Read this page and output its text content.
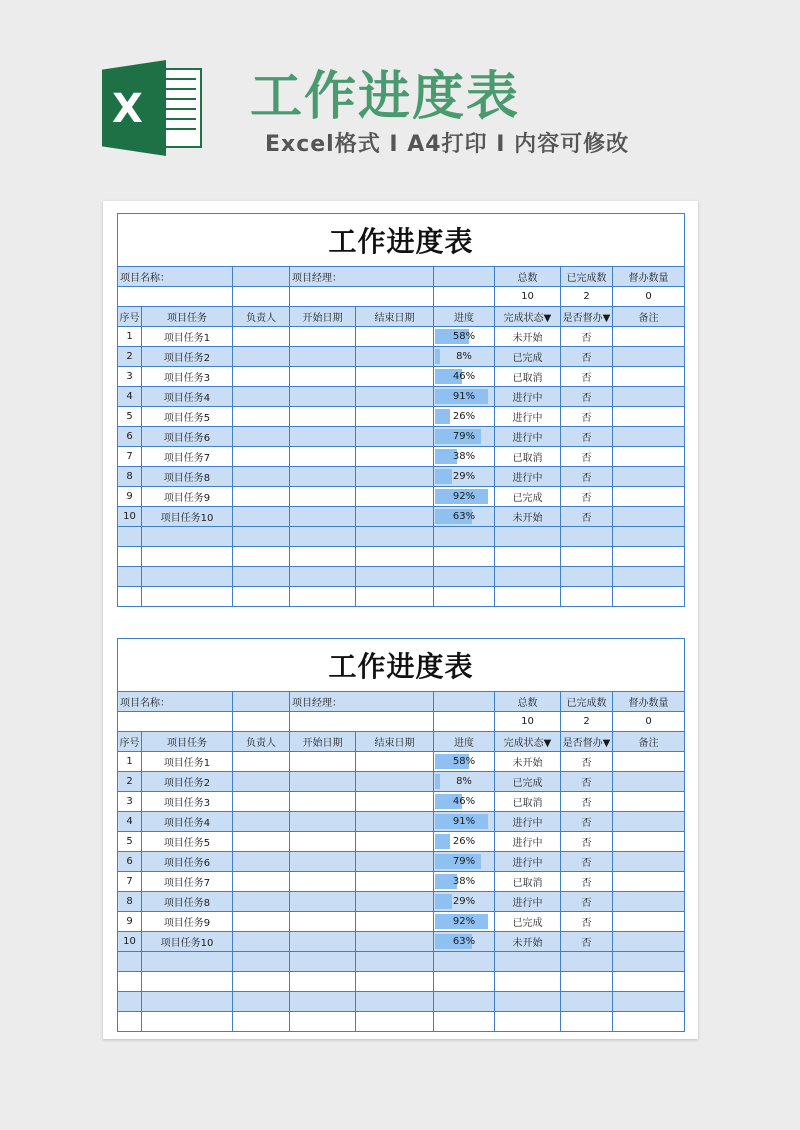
X 工作进度表
Excel格式 I A4打印 I 内容可修改
工作进度表								
项目名称：			项目经理：			总数	已完成数	督办数量
						10	2	0
序号	项目任务	负责人	开始日期	结束日期	进度	完成状态▼	是否督办▼	备注
1	项目任务1				58%	未开始	否	
2	项目任务2				8%	已完成	否	
3	项目任务3				46%	已取消	否	
4	项目任务4				91%	进行中	否	
5	项目任务5				26%	进行中	否	
6	项目任务6				79%	进行中	否	
7	项目任务7				38%	已取消	否	
8	项目任务8				29%	进行中	否	
9	项目任务9				92%	已完成	否	
10	项目任务10				63%	未开始	否	

工作进度表								
项目名称：			项目经理：			总数	已完成数	督办数量
						10	2	0
序号	项目任务	负责人	开始日期	结束日期	进度	完成状态▼	是否督办▼	备注
1	项目任务1				58%	未开始	否	
2	项目任务2				8%	已完成	否	
3	项目任务3				46%	已取消	否	
4	项目任务4				91%	进行中	否	
5	项目任务5				26%	进行中	否	
6	项目任务6				79%	进行中	否	
7	项目任务7				38%	已取消	否	
8	项目任务8				29%	进行中	否	
9	项目任务9				92%	已完成	否	
10	项目任务10				63%	未开始	否	
